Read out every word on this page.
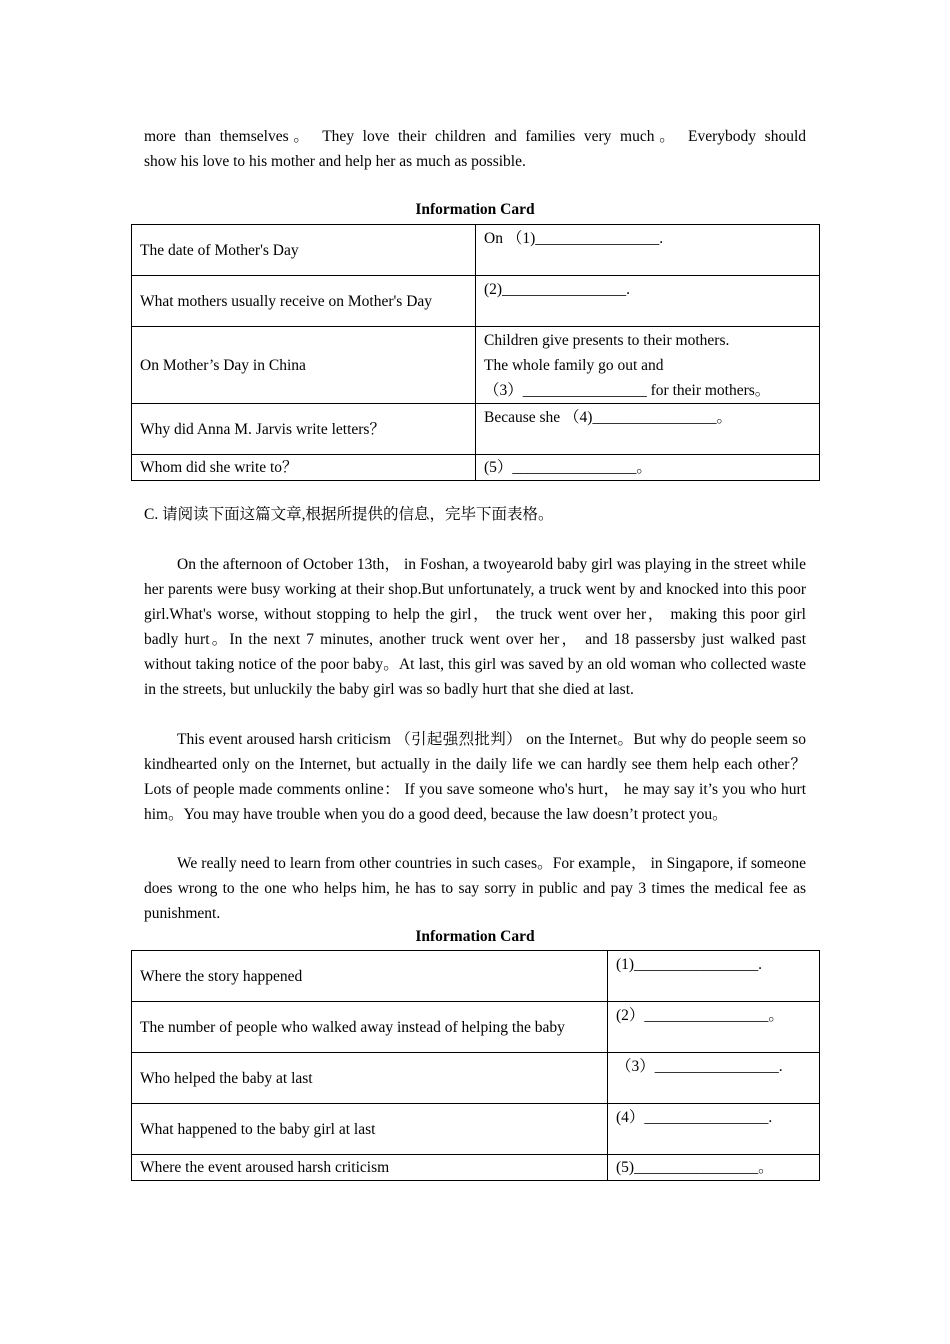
more than themselves。 They love their children and families very much。 Everybody should
show his love to his mother and help her as much as possible.
Information Card
The date of Mother's Day	On （1)________________.

What mothers usually receive on Mother's Day	(2)________________.

On Mother’s Day in China	Children give presents to their mothers.
The whole family go out and
（3）________________ for their mothers。

Why did Anna M. Jarvis write letters？	Because she （4)________________。

Whom did she write to？	(5）________________。
C. 请阅读下面这篇文章,根据所提供的信息，完毕下面表格。
On the afternoon of October 13th， in Foshan, a twoyearold baby girl was playing in the street while her parents were busy working at their shop.But unfortunately, a truck went by and knocked into this poor girl.What's worse, without stopping to help the girl， the truck went over her， making this poor girl badly hurt。In the next 7 minutes, another truck went over her， and 18 passersby just walked past without taking notice of the poor baby。At last, this girl was saved by an old woman who collected waste in the streets, but unluckily the baby girl was so badly hurt that she died at last.
This event aroused harsh criticism （引起强烈批判） on the Internet。But why do people seem so kindhearted only on the Internet, but actually in the daily life we can hardly see them help each other？ Lots of people made comments online： If you save someone who's hurt， he may say it’s you who hurt him。You may have trouble when you do a good deed, because the law doesn’t protect you。
We really need to learn from other countries in such cases。For example， in Singapore, if someone does wrong to the one who helps him, he has to say sorry in public and pay 3 times the medical fee as punishment.
Information Card
Where the story happened	(1)________________.
The number of people who walked away instead of helping the baby	(2）________________。
Who helped the baby at last	（3）________________.
What happened to the baby girl at last	(4）________________.
Where the event aroused harsh criticism	(5)________________。
